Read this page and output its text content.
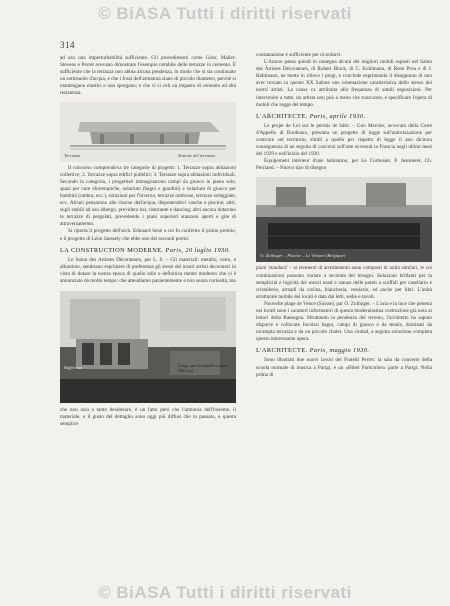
© BiASA Tutti i diritti riservati
314

ad uso una imperturbabilità sufficiente. Gli procedimenti come Grier, Mallet-Stevens e Perret avevano dimostrato l'esempio notabile delle terrazze in cemento. È sufficiente che la terrazza non abbia alcuna pendenza, in modo che si sia continuato un sottosuolo d'acqua, e che i fossi dell'armatura siano di piccolo diametro, perché si mantengano elastici e non sporgano; e che vi si coli un impasto di cemento ad alta resistenza.

Terrazza	Sezione del terrazzo

Il concorso comprendeva tre categorie di progetti: 1. Terrazze sopra abitazioni collettive; 2. Terrazze sopra edifici pubblici; 3. Terrazze sopra abitazioni individuali. Secondo la categoria, i progettisti immaginarono campi da giuoco in pieno sole, spazi per cure elioterapiche, solarium (bagni e giardini) e solarium di giuoco per bambini (ombra, ecc.), soluzioni per l'inverno, terrazze ombrose, terrazze soleggiate, ecc. Alcuni pensarono alle risorse dell'acqua, disponendovi vasche e piscine; altri, sugli stabili ad uso albergo, previdero bar, ristorante e dancing; altri ancora dotarono le terrazze di pergolati, prevedendo i piani superiori stanzoni aperti e gite di attraversamento.

Si riporta il progetto dell'arch. Edouard Sené a cui fu conferito il primo premio, e il progetto di Léon Jaussely che ebbe uno dei secondi premi.

LA CONSTRUCTION MODERNE. Paris, 20 luglio 1930.

Le Salon des Artistes Décorateurs, per L. S. – Gli materiali: metallo, vetro, e alluminio, sembrano esprimere di preferenza gli stessi dei nostri artisti decoratori in vista di dotare la nostra epoca di quello stile o definitiva mente moderno che ci è annunziato da molto tempo: che attendiamo pazientemente e non senza curiosità, ma

Buffet-bar	Luogo per lo studio rivista (Mi cro)

che non osia a tanto desiderare, è un fatto però che l'armonia dell'insieme, il materiale, e il gusto del dettaglio sono oggi più diffusi che in passato, e questa semplice

constatazione è sufficiente per ricordarvi.

L'Autore passa quindi in rassegna alcuni dei migliori mobili esposti nel Salon des Artistes Décorateurs, di Robert Block, di C. Kohlmann, di René Prou e di J. Ruhlmann, ne mette in rilievo i pregi, e conclude esprimendo il disappunto di non aver trovato in questo XX Salone uno orientazione caratteristica dello stesso dei nostri artisti. La causa ca attribuita alla frequenza di simili esposizioni. Per intervenire a tutte, un artista non può a meno che trascurare, e specificare l'opera di mobili che regge del tempo.

L'ARCHITECTE. Paris, aprile 1930.

Le projet de Loi sur le permis de bâtir. – Goo Mercier, avvocato della Corte d'Appello di Bordeaux, presenta un progetto di legge sull'autorizzazione per costruire sul territorio, simili a quello per rispetto di legge il ano dicitura conseguenza di un seguito di concorsi sull'arte avvenuti in Francia negli ultimi mesi del 1929 e nell'inizio del 1930.

Équipement intérieur d'une habitation, per Le Corbusier, P. Jeanneret, Ch. Perriand. – Nuovo tipo di disegno

O. Zollinger – Piscine – Le Vésinet (Belgique)

piani 'standard' – ai elementi di arredamento sono composti di unità similari, le cui combinazioni possono variare a seconda dei bisogni. Soluzioni brillanti per la semplicità e logicità dei mezzi usati e stanze delle pareti a scaffali per casellario e cristallerie, armadi da cucina, biancheria, vestiario, ed anche per libri. L'unità strutturale mobile dei locali è data dai letti, sedie e tavoli.

Nouvelle plage de Vence (Suisse), par O. Zollinger. – L'aria e la luce che penetra nei locali sono i caratteri informatori di questa modernissima costruzione già nota ai lettori della Rassegna. Sfruttando la pendenza del terreno, l'architetto ha saputo disporre e collocare focolari bagni, campi di giuoco e da tennis, dominati da un'ampia terrazza e da un piccolo chalet. Una ciudad, a seguita soluzione completa questo interessante opera.

L'ARCHITECTE. Paris, maggio 1930.

Sono illustrati due nuovi lavori dei Fratelli Perret: la sala da concerto della scuola normale di musica a Parigi, e un «Hôtel Particulier» parte a Parigi. Nella prima di

© BiASA Tutti i diritti riservati
